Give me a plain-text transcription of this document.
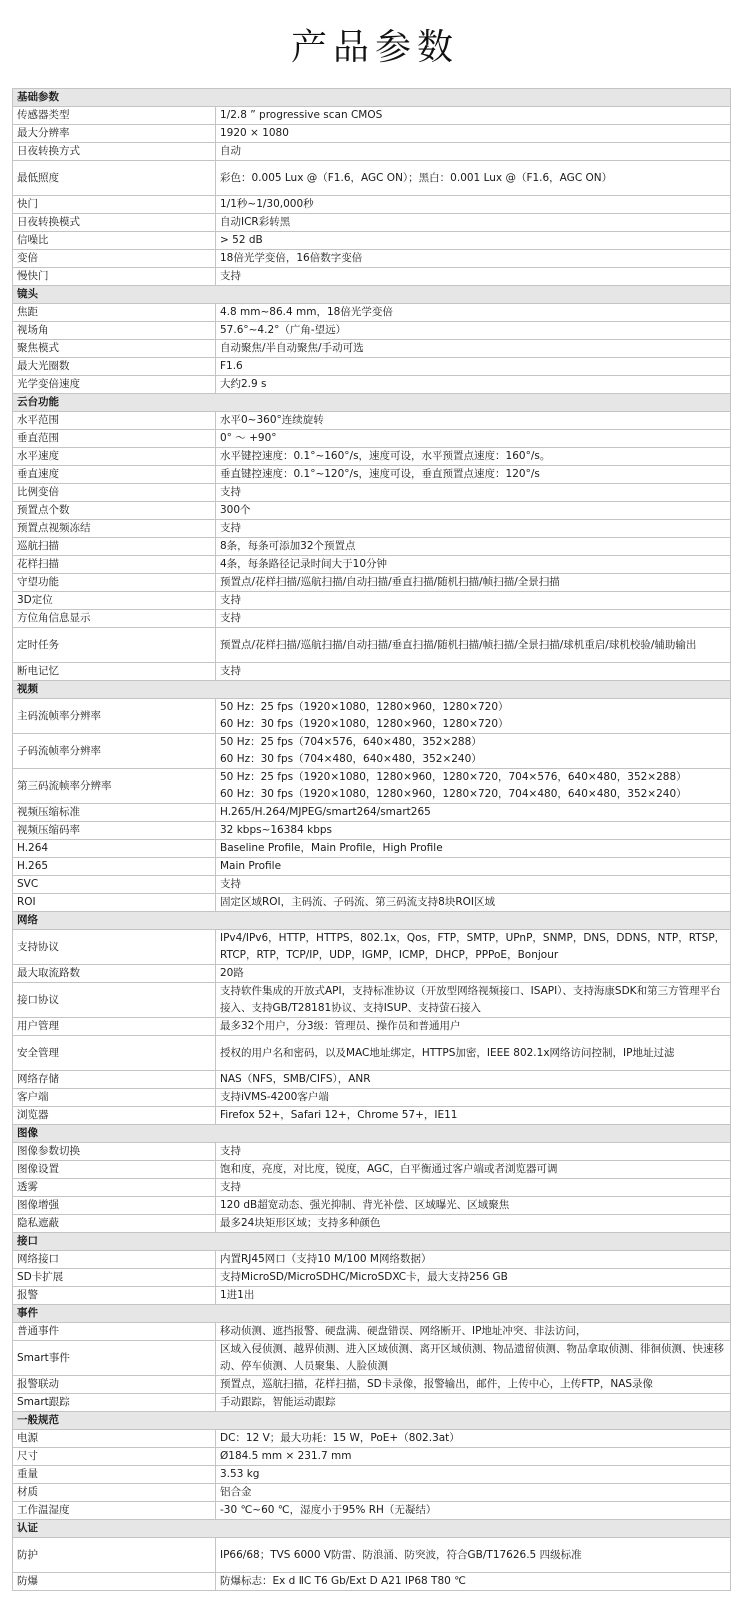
产品参数
基础参数	
传感器类型	1/2.8 ” progressive scan CMOS
最大分辨率	1920 × 1080
日夜转换方式	自动
最低照度	彩色：0.005 Lux @（F1.6，AGC ON）；黑白：0.001 Lux @（F1.6，AGC ON）
快门	1/1秒~1/30,000秒
日夜转换模式	自动ICR彩转黑
信噪比	> 52 dB
变倍	18倍光学变倍，16倍数字变倍
慢快门	支持
镜头	
焦距	4.8 mm~86.4 mm，18倍光学变倍
视场角	57.6°~4.2°（广角-望远）
聚焦模式	自动聚焦/半自动聚焦/手动可选
最大光圈数	F1.6
光学变倍速度	大约2.9 s
云台功能	
水平范围	水平0~360°连续旋转
垂直范围	0° ～ +90°
水平速度	水平键控速度：0.1°~160°/s，速度可设，水平预置点速度：160°/s。
垂直速度	垂直键控速度：0.1°~120°/s，速度可设，垂直预置点速度：120°/s
比例变倍	支持
预置点个数	300个
预置点视频冻结	支持
巡航扫描	8条，每条可添加32个预置点
花样扫描	4条，每条路径记录时间大于10分钟
守望功能	预置点/花样扫描/巡航扫描/自动扫描/垂直扫描/随机扫描/帧扫描/全景扫描
3D定位	支持
方位角信息显示	支持
定时任务	预置点/花样扫描/巡航扫描/自动扫描/垂直扫描/随机扫描/帧扫描/全景扫描/球机重启/球机校验/辅助输出
断电记忆	支持
视频	
主码流帧率分辨率	50 Hz：25 fps（1920×1080，1280×960，1280×720）
60 Hz：30 fps（1920×1080，1280×960，1280×720）
子码流帧率分辨率	50 Hz：25 fps（704×576，640×480，352×288）
60 Hz：30 fps（704×480，640×480，352×240）
第三码流帧率分辨率	50 Hz：25 fps（1920×1080，1280×960，1280×720，704×576，640×480，352×288）
60 Hz：30 fps（1920×1080，1280×960，1280×720，704×480，640×480，352×240）
视频压缩标准	H.265/H.264/MJPEG/smart264/smart265
视频压缩码率	32 kbps~16384 kbps
H.264	Baseline Profile，Main Profile，High Profile
H.265	Main Profile
SVC	支持
ROI	固定区域ROI，主码流、子码流、第三码流支持8块ROI区域
网络	
支持协议	IPv4/IPv6，HTTP，HTTPS，802.1x，Qos，FTP，SMTP，UPnP，SNMP，DNS，DDNS，NTP，RTSP，RTCP，RTP，TCP/IP，UDP，IGMP，ICMP，DHCP，PPPoE，Bonjour
最大取流路数	20路
接口协议	支持软件集成的开放式API，支持标准协议（开放型网络视频接口、ISAPI）、支持海康SDK和第三方管理平台接入、支持GB/T28181协议、支持ISUP、支持萤石接入
用户管理	最多32个用户，分3级：管理员、操作员和普通用户
安全管理	授权的用户名和密码，以及MAC地址绑定，HTTPS加密，IEEE 802.1x网络访问控制，IP地址过滤
网络存储	NAS（NFS，SMB/CIFS），ANR
客户端	支持iVMS-4200客户端
浏览器	Firefox 52+，Safari 12+，Chrome 57+，IE11
图像	
图像参数切换	支持
图像设置	饱和度，亮度，对比度，锐度，AGC，白平衡通过客户端或者浏览器可调
透雾	支持
图像增强	120 dB超宽动态、强光抑制、背光补偿、区域曝光、区域聚焦
隐私遮蔽	最多24块矩形区域；支持多种颜色
接口	
网络接口	内置RJ45网口（支持10 M/100 M网络数据）
SD卡扩展	支持MicroSD/MicroSDHC/MicroSDXC卡，最大支持256 GB
报警	1进1出
事件	
普通事件	移动侦测、遮挡报警、硬盘满、硬盘错误、网络断开、IP地址冲突、非法访问，
Smart事件	区域入侵侦测、越界侦测、进入区域侦测、离开区域侦测、物品遗留侦测、物品拿取侦测、徘徊侦测、快速移动、停车侦测、人员聚集、人脸侦测
报警联动	预置点，巡航扫描，花样扫描，SD卡录像，报警输出，邮件，上传中心，上传FTP，NAS录像
Smart跟踪	手动跟踪，智能运动跟踪
一般规范	
电源	DC：12 V；最大功耗：15 W，PoE+（802.3at）
尺寸	Ø184.5 mm × 231.7 mm
重量	3.53 kg
材质	铝合金
工作温湿度	-30 ℃~60 ℃，湿度小于95% RH（无凝结）
认证	
防护	IP66/68；TVS 6000 V防雷、防浪涌、防突波，符合GB/T17626.5 四级标准
防爆	防爆标志：Ex d ⅡC T6 Gb/Ext D A21 IP68 T80 ℃
